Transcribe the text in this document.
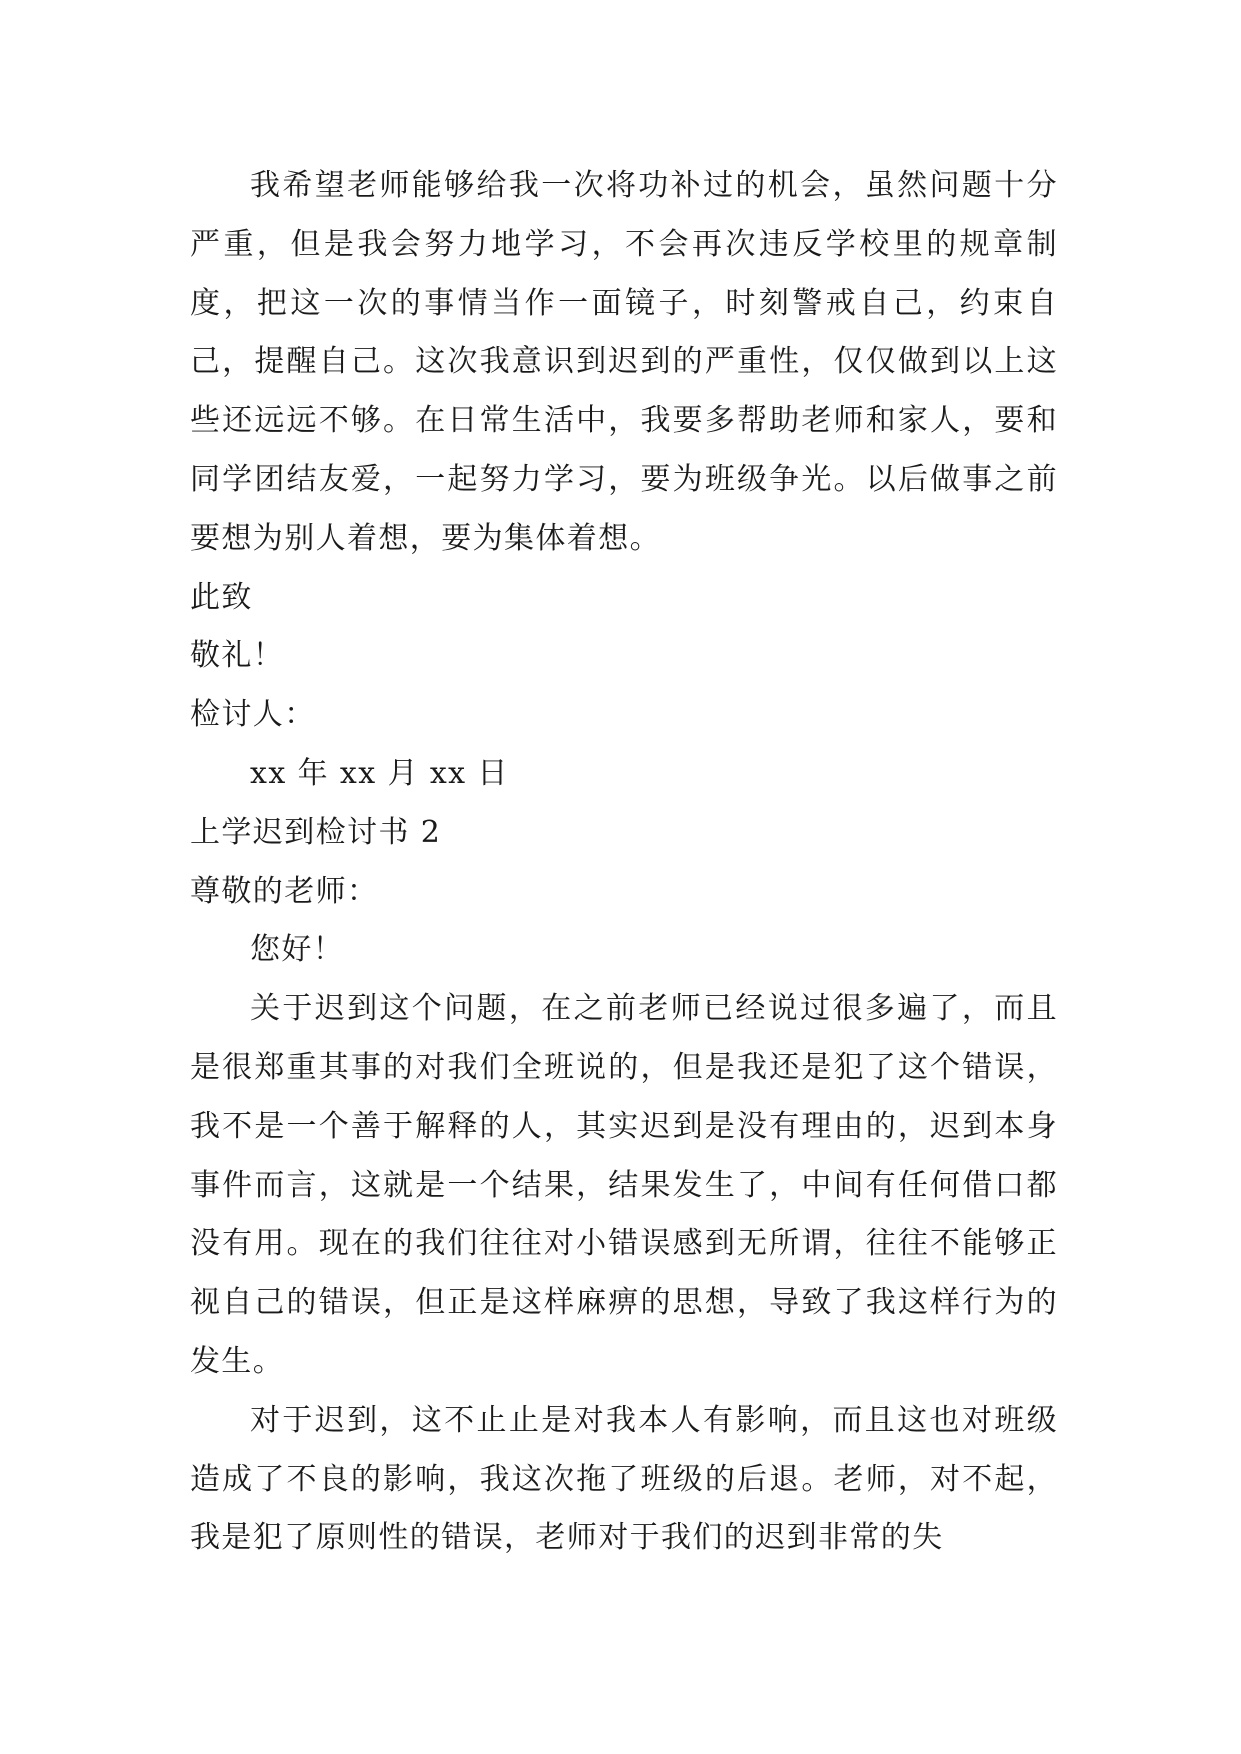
我希望老师能够给我一次将功补过的机会，虽然问题十分严重，但是我会努力地学习，不会再次违反学校里的规章制度，把这一次的事情当作一面镜子，时刻警戒自己，约束自己，提醒自己。这次我意识到迟到的严重性，仅仅做到以上这些还远远不够。在日常生活中，我要多帮助老师和家人，要和同学团结友爱，一起努力学习，要为班级争光。以后做事之前要想为别人着想，要为集体着想。

此致

敬礼！

检讨人：

xx 年 xx 月 xx 日

上学迟到检讨书 2

尊敬的老师：

您好！

关于迟到这个问题，在之前老师已经说过很多遍了，而且是很郑重其事的对我们全班说的，但是我还是犯了这个错误，我不是一个善于解释的人，其实迟到是没有理由的，迟到本身事件而言，这就是一个结果，结果发生了，中间有任何借口都没有用。现在的我们往往对小错误感到无所谓，往往不能够正视自己的错误，但正是这样麻痹的思想，导致了我这样行为的发生。

对于迟到，这不止止是对我本人有影响，而且这也对班级造成了不良的影响，我这次拖了班级的后退。老师，对不起，我是犯了原则性的错误，老师对于我们的迟到非常的失
